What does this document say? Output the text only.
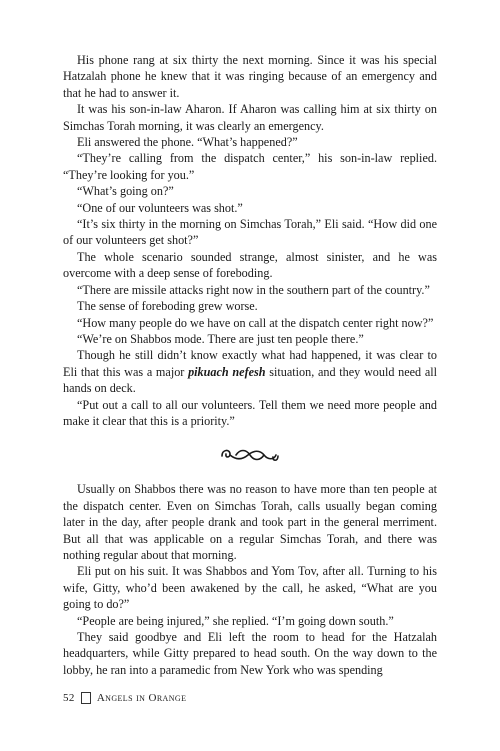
His phone rang at six thirty the next morning. Since it was his special Hatzalah phone he knew that it was ringing because of an emergency and that he had to answer it.

It was his son-in-law Aharon. If Aharon was calling him at six thirty on Simchas Torah morning, it was clearly an emergency.

Eli answered the phone. “What’s happened?”

“They’re calling from the dispatch center,” his son-in-law replied. “They’re looking for you.”

“What’s going on?”

“One of our volunteers was shot.”

“It’s six thirty in the morning on Simchas Torah,” Eli said. “How did one of our volunteers get shot?”

The whole scenario sounded strange, almost sinister, and he was overcome with a deep sense of foreboding.

“There are missile attacks right now in the southern part of the country.”

The sense of foreboding grew worse.

“How many people do we have on call at the dispatch center right now?”

“We’re on Shabbos mode. There are just ten people there.”

Though he still didn’t know exactly what had happened, it was clear to Eli that this was a major pikuach nefesh situation, and they would need all hands on deck.

“Put out a call to all our volunteers. Tell them we need more people and make it clear that this is a priority.”

Usually on Shabbos there was no reason to have more than ten people at the dispatch center. Even on Simchas Torah, calls usually began coming later in the day, after people drank and took part in the general merriment. But all that was applicable on a regular Simchas Torah, and there was nothing regular about that morning.

Eli put on his suit. It was Shabbos and Yom Tov, after all. Turning to his wife, Gitty, who’d been awakened by the call, he asked, “What are you going to do?”

“People are being injured,” she replied. “I’m going down south.”

They said goodbye and Eli left the room to head for the Hatzalah headquarters, while Gitty prepared to head south. On the way down to the lobby, he ran into a paramedic from New York who was spending

52 Angels in Orange
